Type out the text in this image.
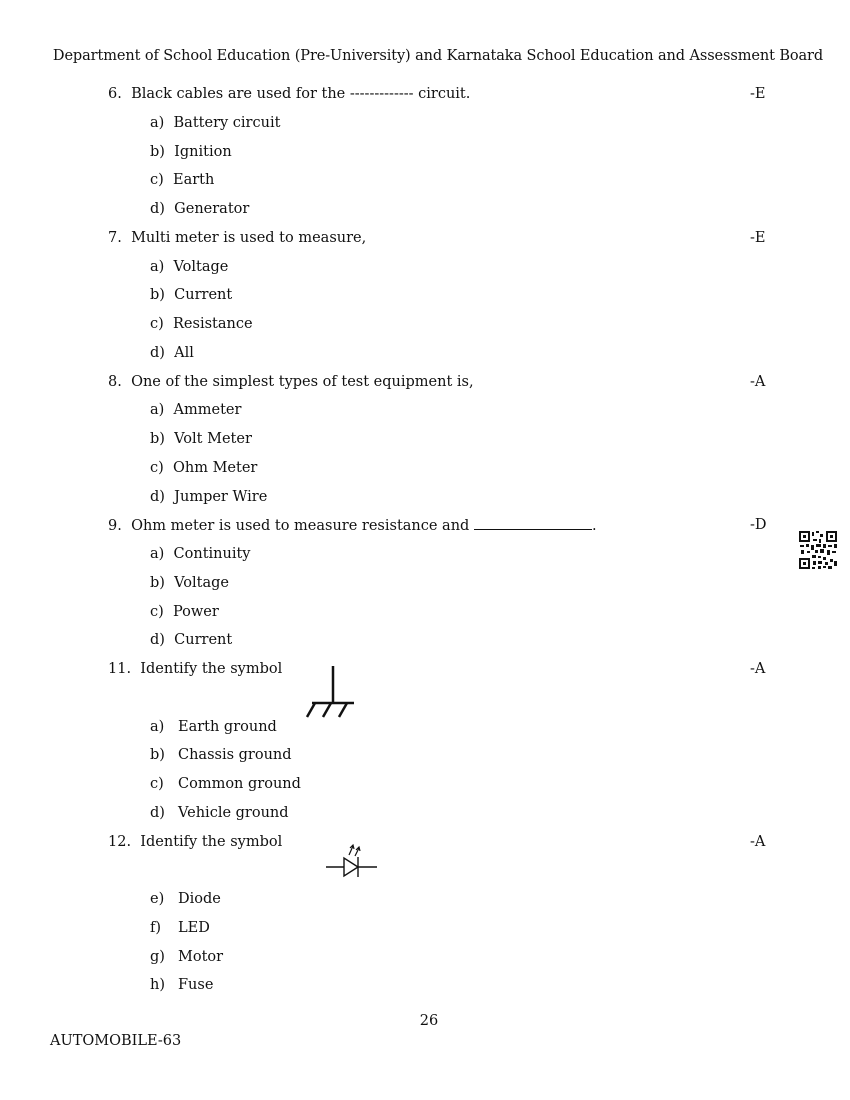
Department of School Education (Pre-University) and Karnataka School Education and Assessment Board
6. Black cables are used for the ------------- circuit.	-E
a) Battery circuit
b) Ignition
c) Earth
d) Generator
7. Multi meter is used to measure,	-E
a) Voltage
b) Current
c) Resistance
d) All
8. One of the simplest types of test equipment is,	-A
a) Ammeter
b) Volt Meter
c) Ohm Meter
d) Jumper Wire
9. Ohm meter is used to measure resistance and	.	-D
a) Continuity
b) Voltage
c) Power
d) Current
11. Identify the symbol	-A
a) Earth ground
b) Chassis ground
c) Common ground
d) Vehicle ground
12. Identify the symbol	-A
e) Diode
f) LED
g) Motor
h) Fuse
26
AUTOMOBILE-63
